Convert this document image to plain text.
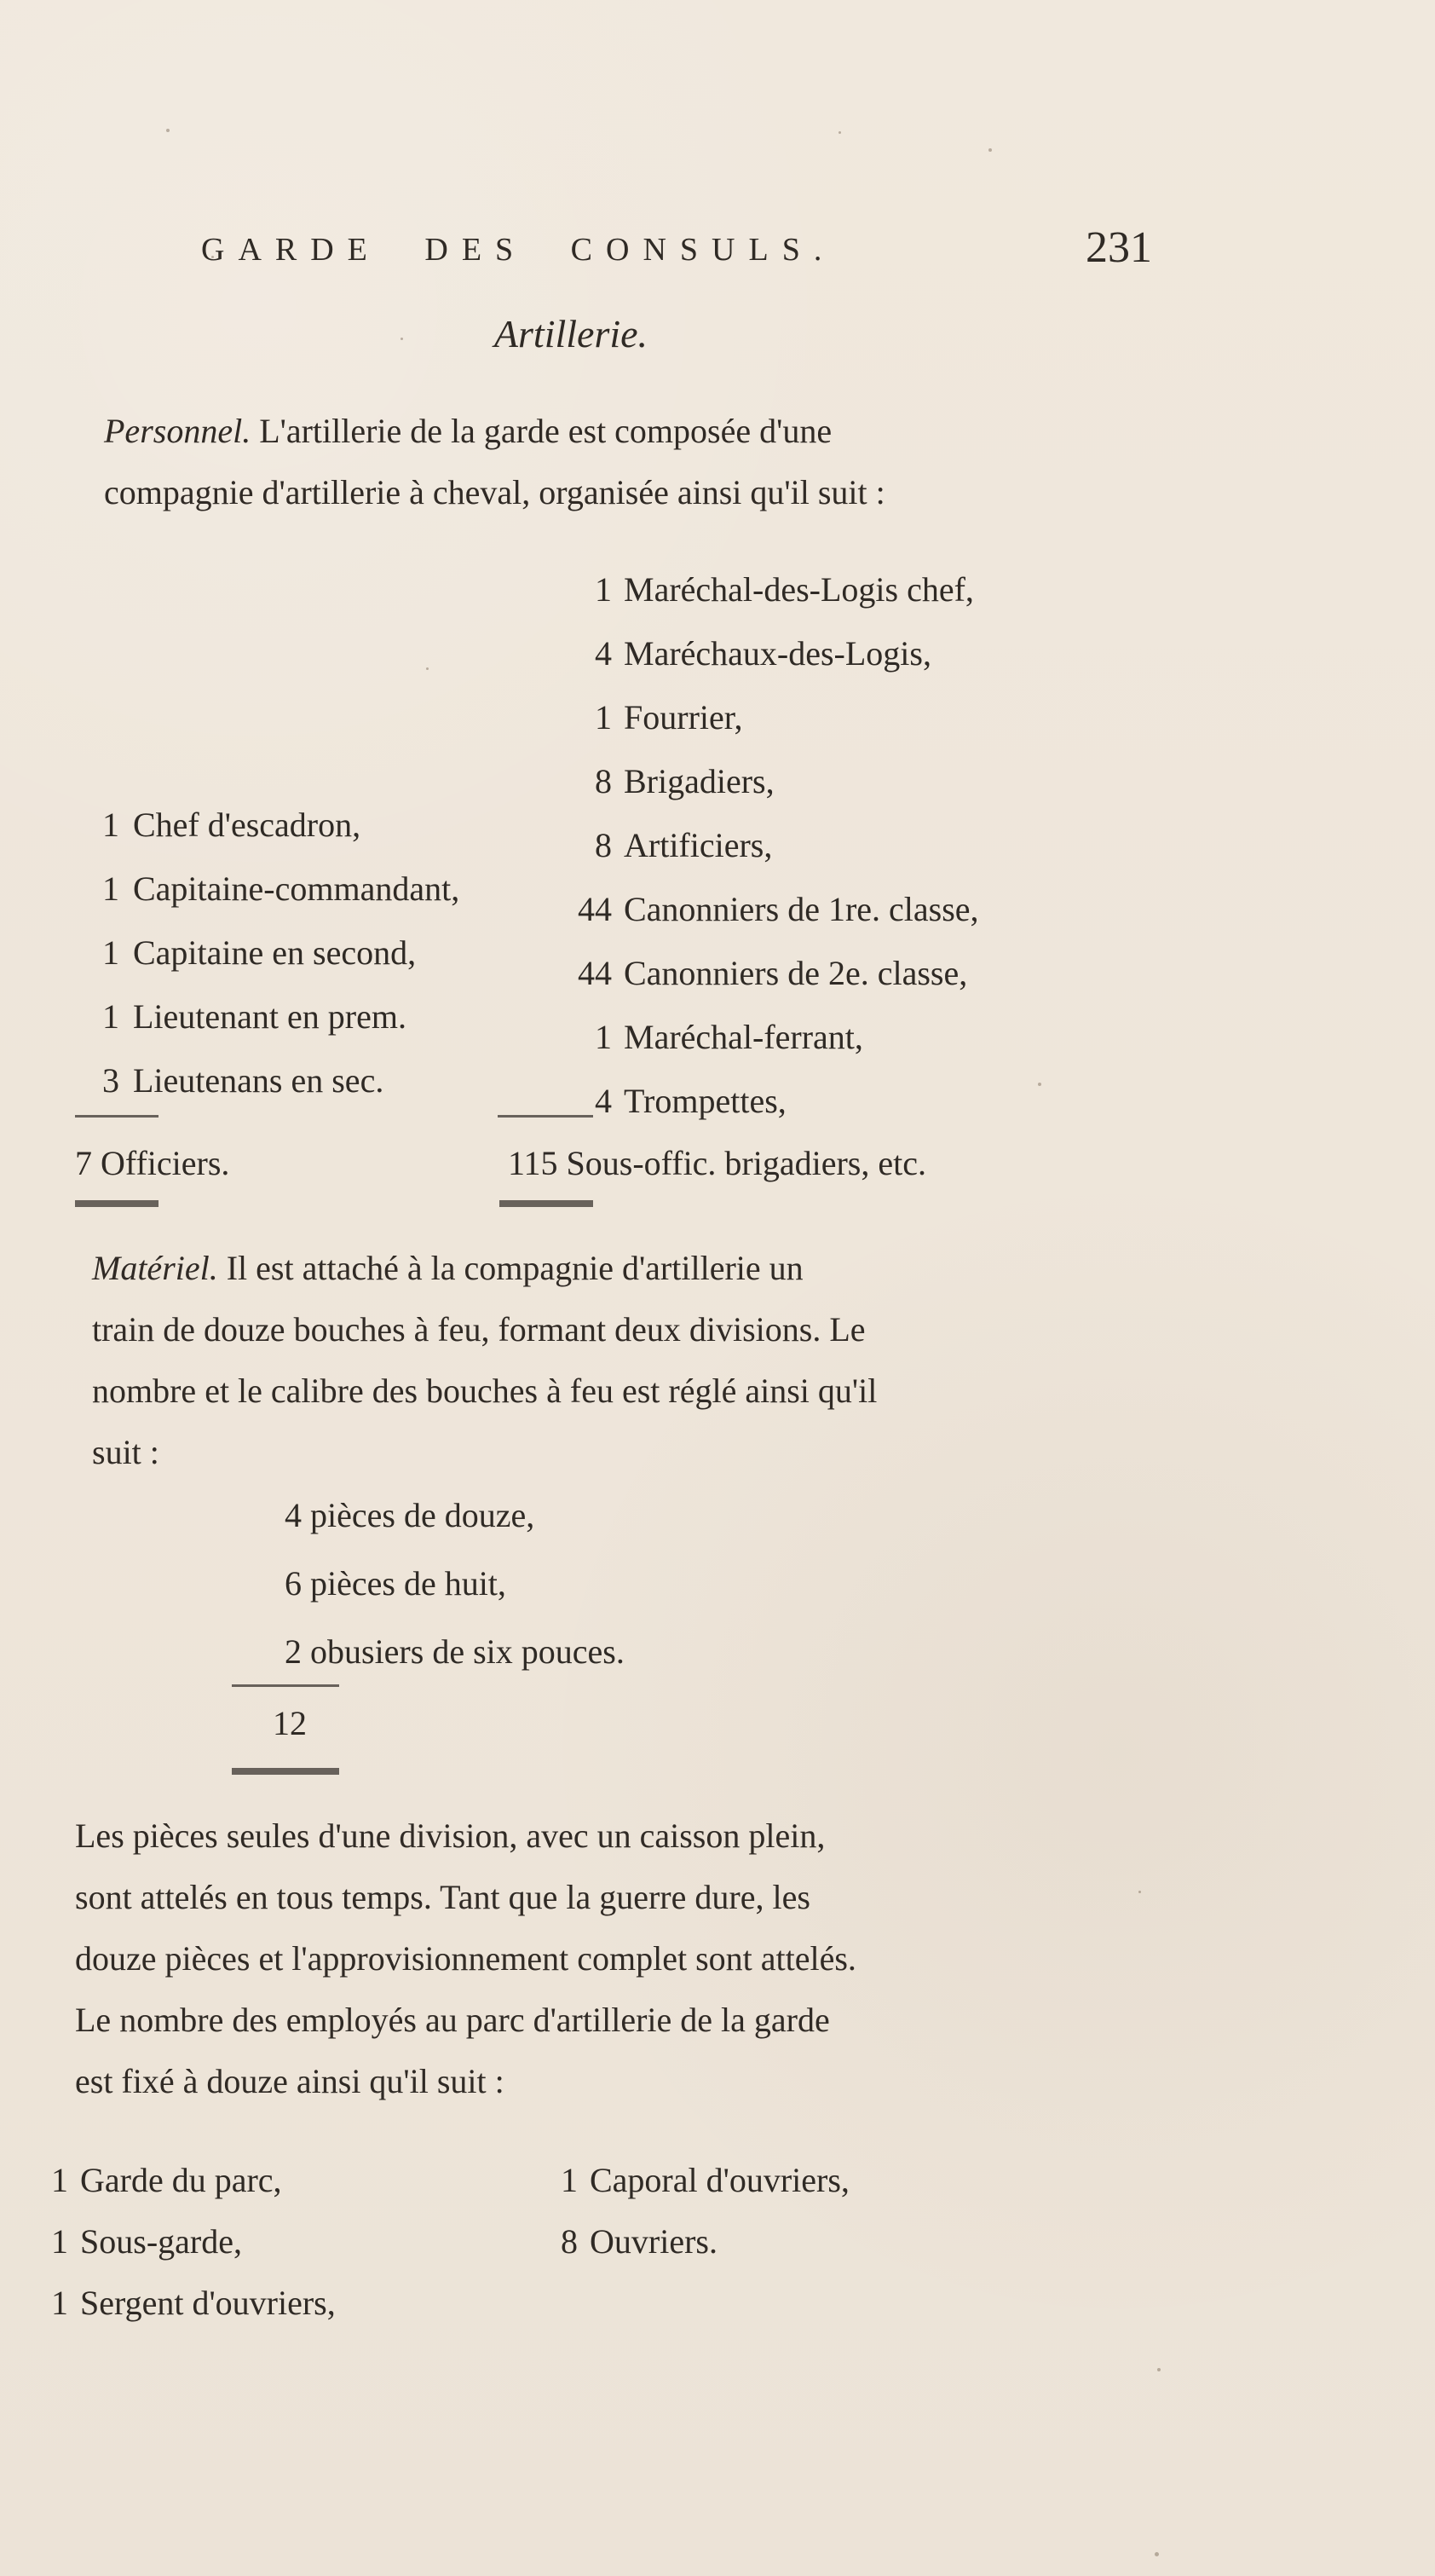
GARDE DES CONSULS.	231
Artillerie.
Personnel. L'artillerie de la garde est composée d'une
compagnie d'artillerie à cheval, organisée ainsi qu'il suit :
1 Maréchal-des-Logis chef,
4 Maréchaux-des-Logis,
1 Fourrier,
8 Brigadiers,
8 Artificiers,
44 Canonniers de 1re. classe,
44 Canonniers de 2e. classe,
1 Maréchal-ferrant,
4 Trompettes,
1 Chef d'escadron,
1 Capitaine-commandant,
1 Capitaine en second,
1 Lieutenant en prem.
3 Lieutenans en sec.
7 Officiers.	115 Sous-offic. brigadiers, etc.
Matériel. Il est attaché à la compagnie d'artillerie un
train de douze bouches à feu, formant deux divisions. Le
nombre et le calibre des bouches à feu est réglé ainsi qu'il
suit :
4 pièces de douze,
6 pièces de huit,
2 obusiers de six pouces.
12
Les pièces seules d'une division, avec un caisson plein,
sont attelés en tous temps. Tant que la guerre dure, les
douze pièces et l'approvisionnement complet sont attelés.
Le nombre des employés au parc d'artillerie de la garde
est fixé à douze ainsi qu'il suit :
1 Garde du parc,
1 Sous-garde,
1 Sergent d'ouvriers,
1 Caporal d'ouvriers,
8 Ouvriers.
